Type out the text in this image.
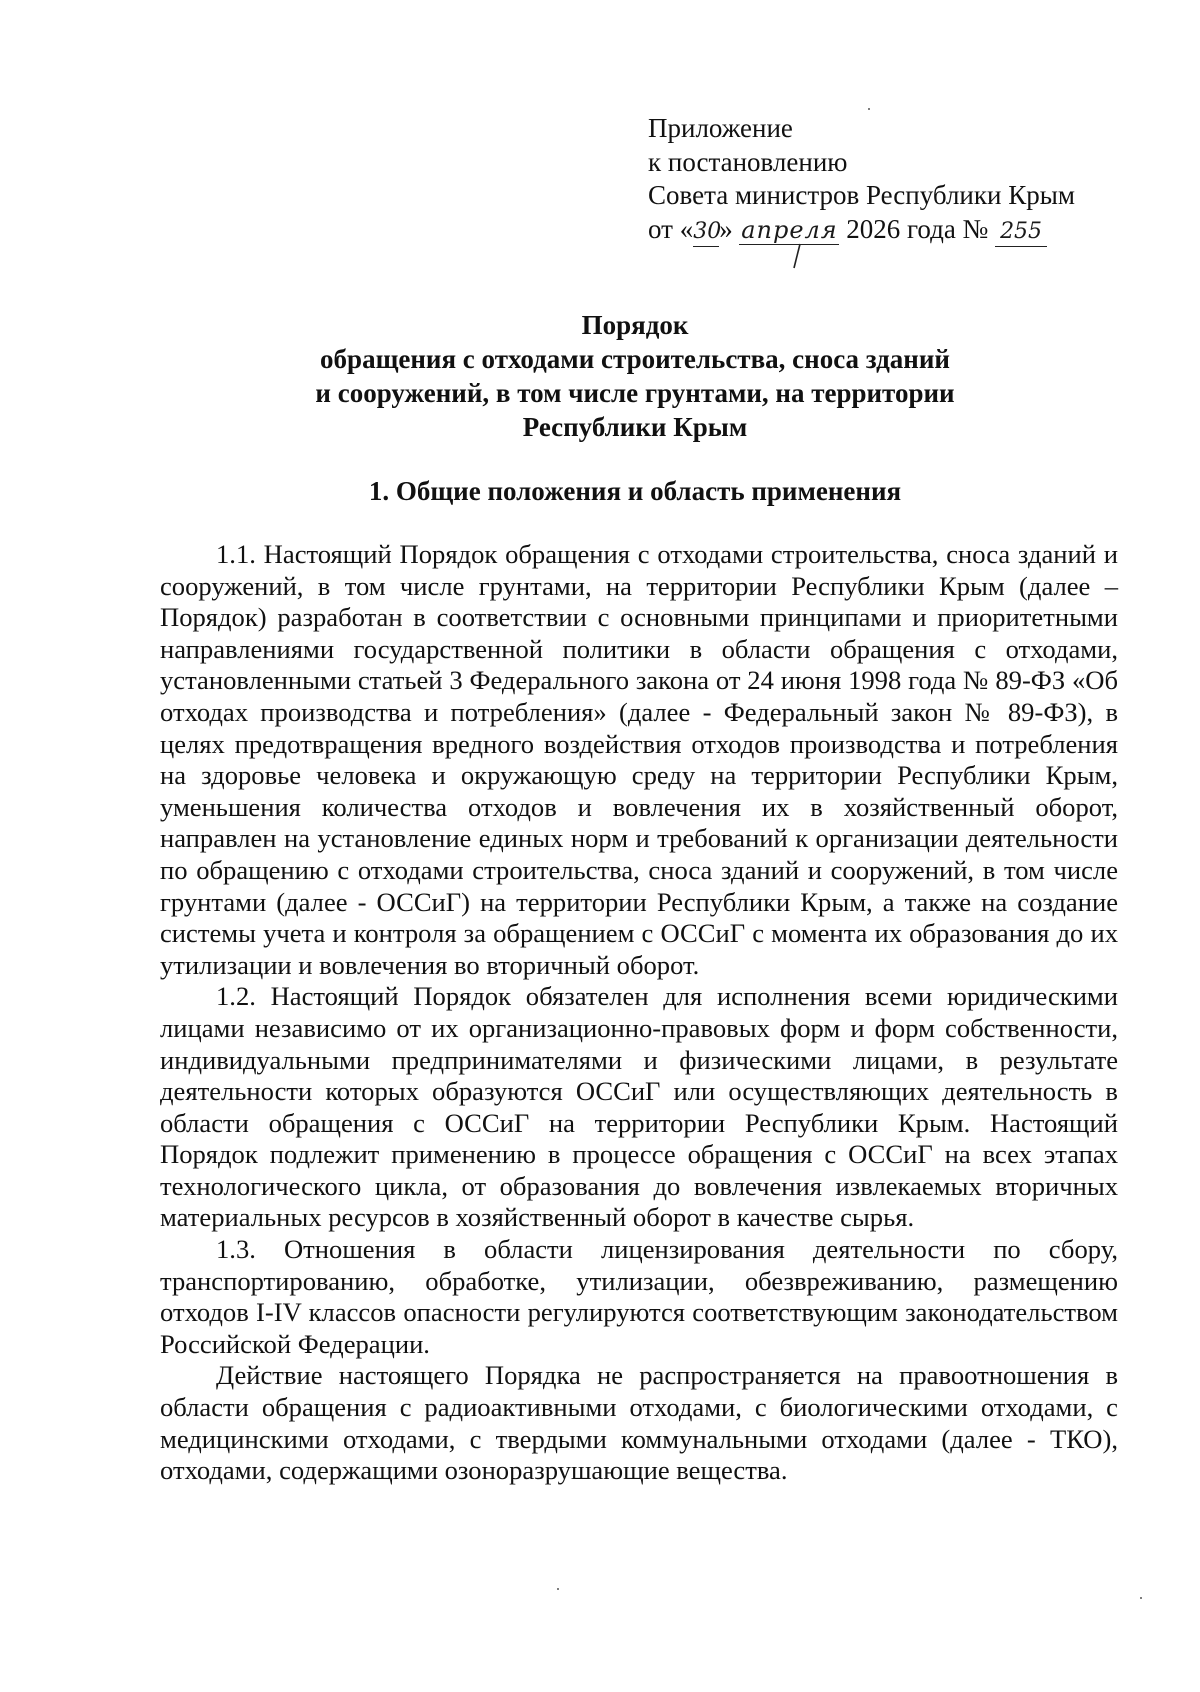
Приложение
к постановлению
Совета министров Республики Крым
от «30» апреля 2026 года № 255
Порядок
обращения с отходами строительства, сноса зданий
и сооружений, в том числе грунтами, на территории
Республики Крым
1. Общие положения и область применения

1.1. Настоящий Порядок обращения с отходами строительства, сноса зданий и сооружений, в том числе грунтами, на территории Республики Крым (далее – Порядок) разработан в соответствии с основными принципами и приоритетными направлениями государственной политики в области обращения с отходами, установленными статьей 3 Федерального закона от 24 июня 1998 года № 89-ФЗ «Об отходах производства и потребления» (далее - Федеральный закон № 89-ФЗ), в целях предотвращения вредного воздействия отходов производства и потребления на здоровье человека и окружающую среду на территории Республики Крым, уменьшения количества отходов и вовлечения их в хозяйственный оборот, направлен на установление единых норм и требований к организации деятельности по обращению с отходами строительства, сноса зданий и сооружений, в том числе грунтами (далее - ОССиГ) на территории Республики Крым, а также на создание системы учета и контроля за обращением с ОССиГ с момента их образования до их утилизации и вовлечения во вторичный оборот.

1.2. Настоящий Порядок обязателен для исполнения всеми юридическими лицами независимо от их организационно-правовых форм и форм собственности, индивидуальными предпринимателями и физическими лицами, в результате деятельности которых образуются ОССиГ или осуществляющих деятельность в области обращения с ОССиГ на территории Республики Крым. Настоящий Порядок подлежит применению в процессе обращения с ОССиГ на всех этапах технологического цикла, от образования до вовлечения извлекаемых вторичных материальных ресурсов в хозяйственный оборот в качестве сырья.

1.3. Отношения в области лицензирования деятельности по сбору, транспортированию, обработке, утилизации, обезвреживанию, размещению отходов I-IV классов опасности регулируются соответствующим законодательством Российской Федерации.

Действие настоящего Порядка не распространяется на правоотношения в области обращения с радиоактивными отходами, с биологическими отходами, с медицинскими отходами, с твердыми коммунальными отходами (далее - ТКО), отходами, содержащими озоноразрушающие вещества.
